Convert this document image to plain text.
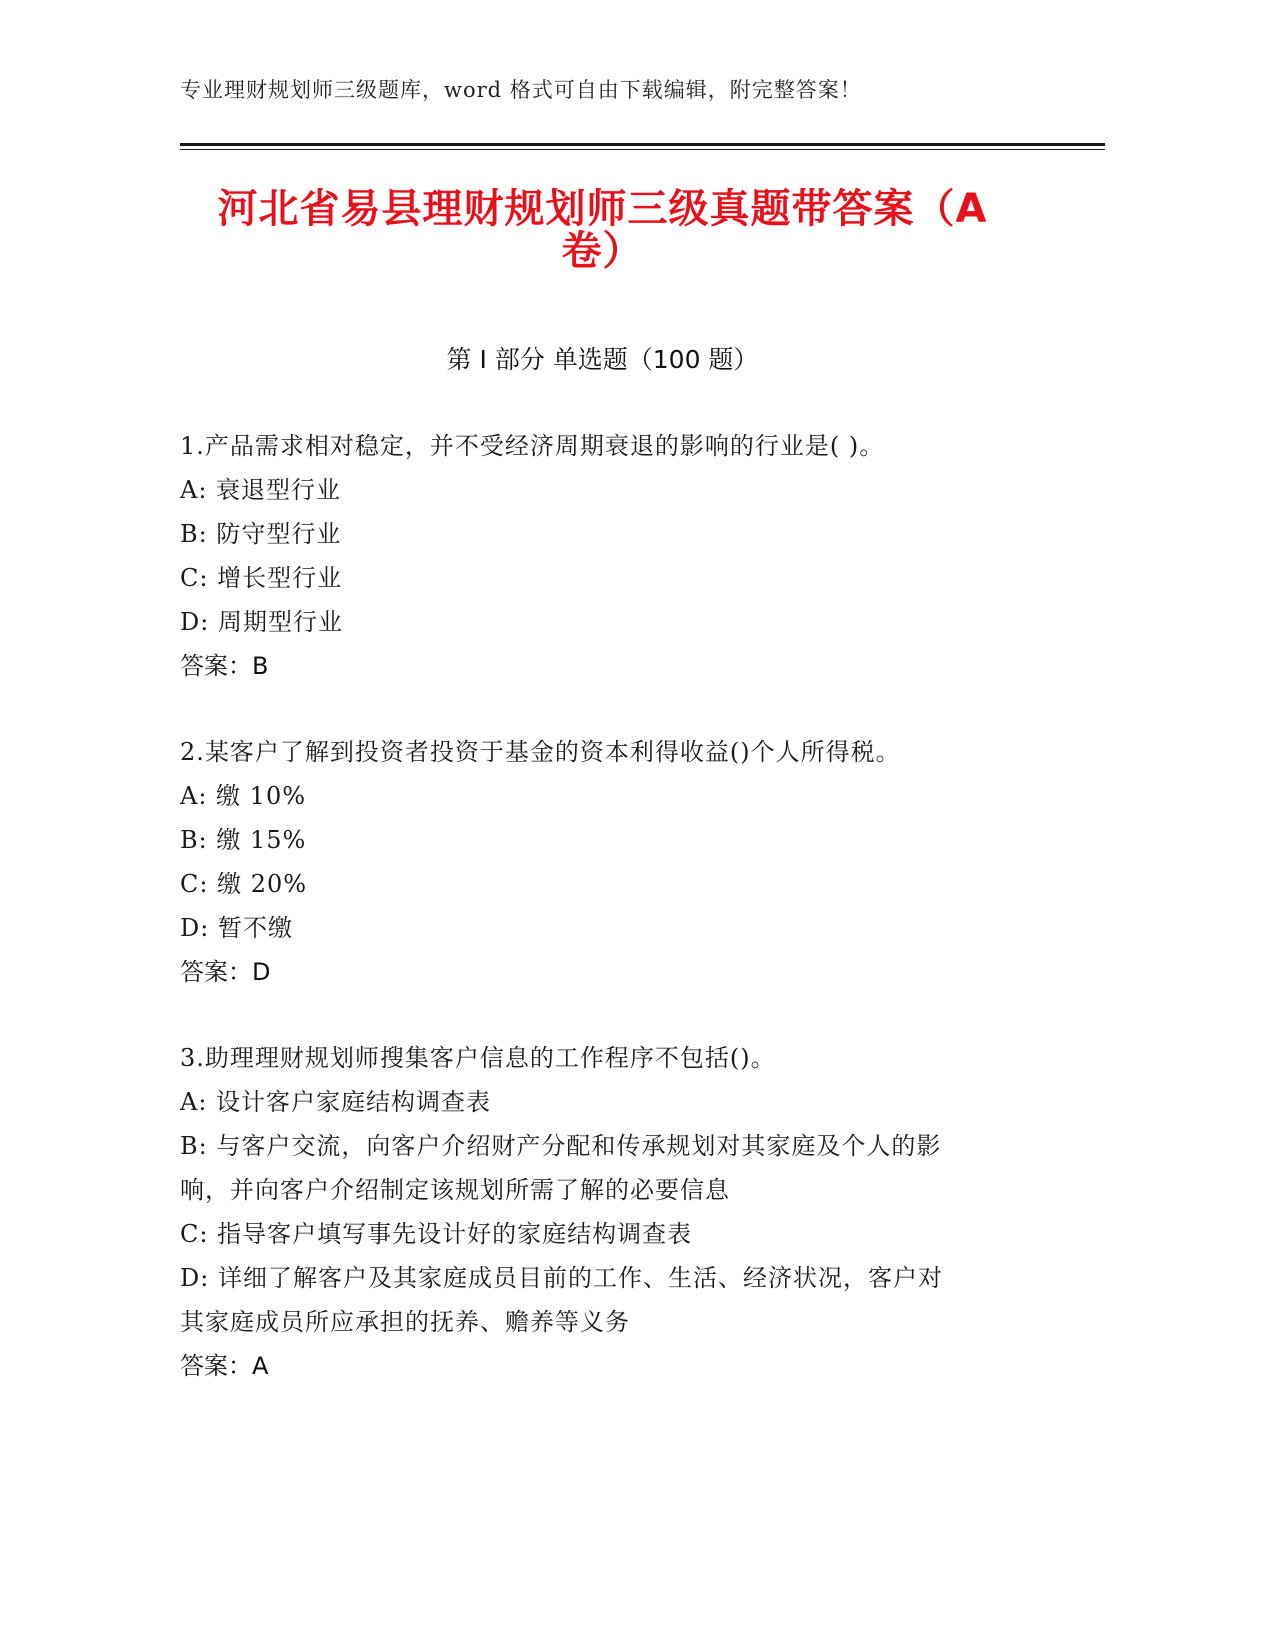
专业理财规划师三级题库，word 格式可自由下载编辑，附完整答案！
河北省易县理财规划师三级真题带答案（A
卷）
第 I 部分 单选题（100 题）
1.产品需求相对稳定，并不受经济周期衰退的影响的行业是( )。
A: 衰退型行业
B: 防守型行业
C: 增长型行业
D: 周期型行业
答案：B
2.某客户了解到投资者投资于基金的资本利得收益()个人所得税。
A: 缴 10%
B: 缴 15%
C: 缴 20%
D: 暂不缴
答案：D
3.助理理财规划师搜集客户信息的工作程序不包括()。
A: 设计客户家庭结构调查表
B: 与客户交流，向客户介绍财产分配和传承规划对其家庭及个人的影
响，并向客户介绍制定该规划所需了解的必要信息
C: 指导客户填写事先设计好的家庭结构调查表
D: 详细了解客户及其家庭成员目前的工作、生活、经济状况，客户对
其家庭成员所应承担的抚养、赡养等义务
答案：A
